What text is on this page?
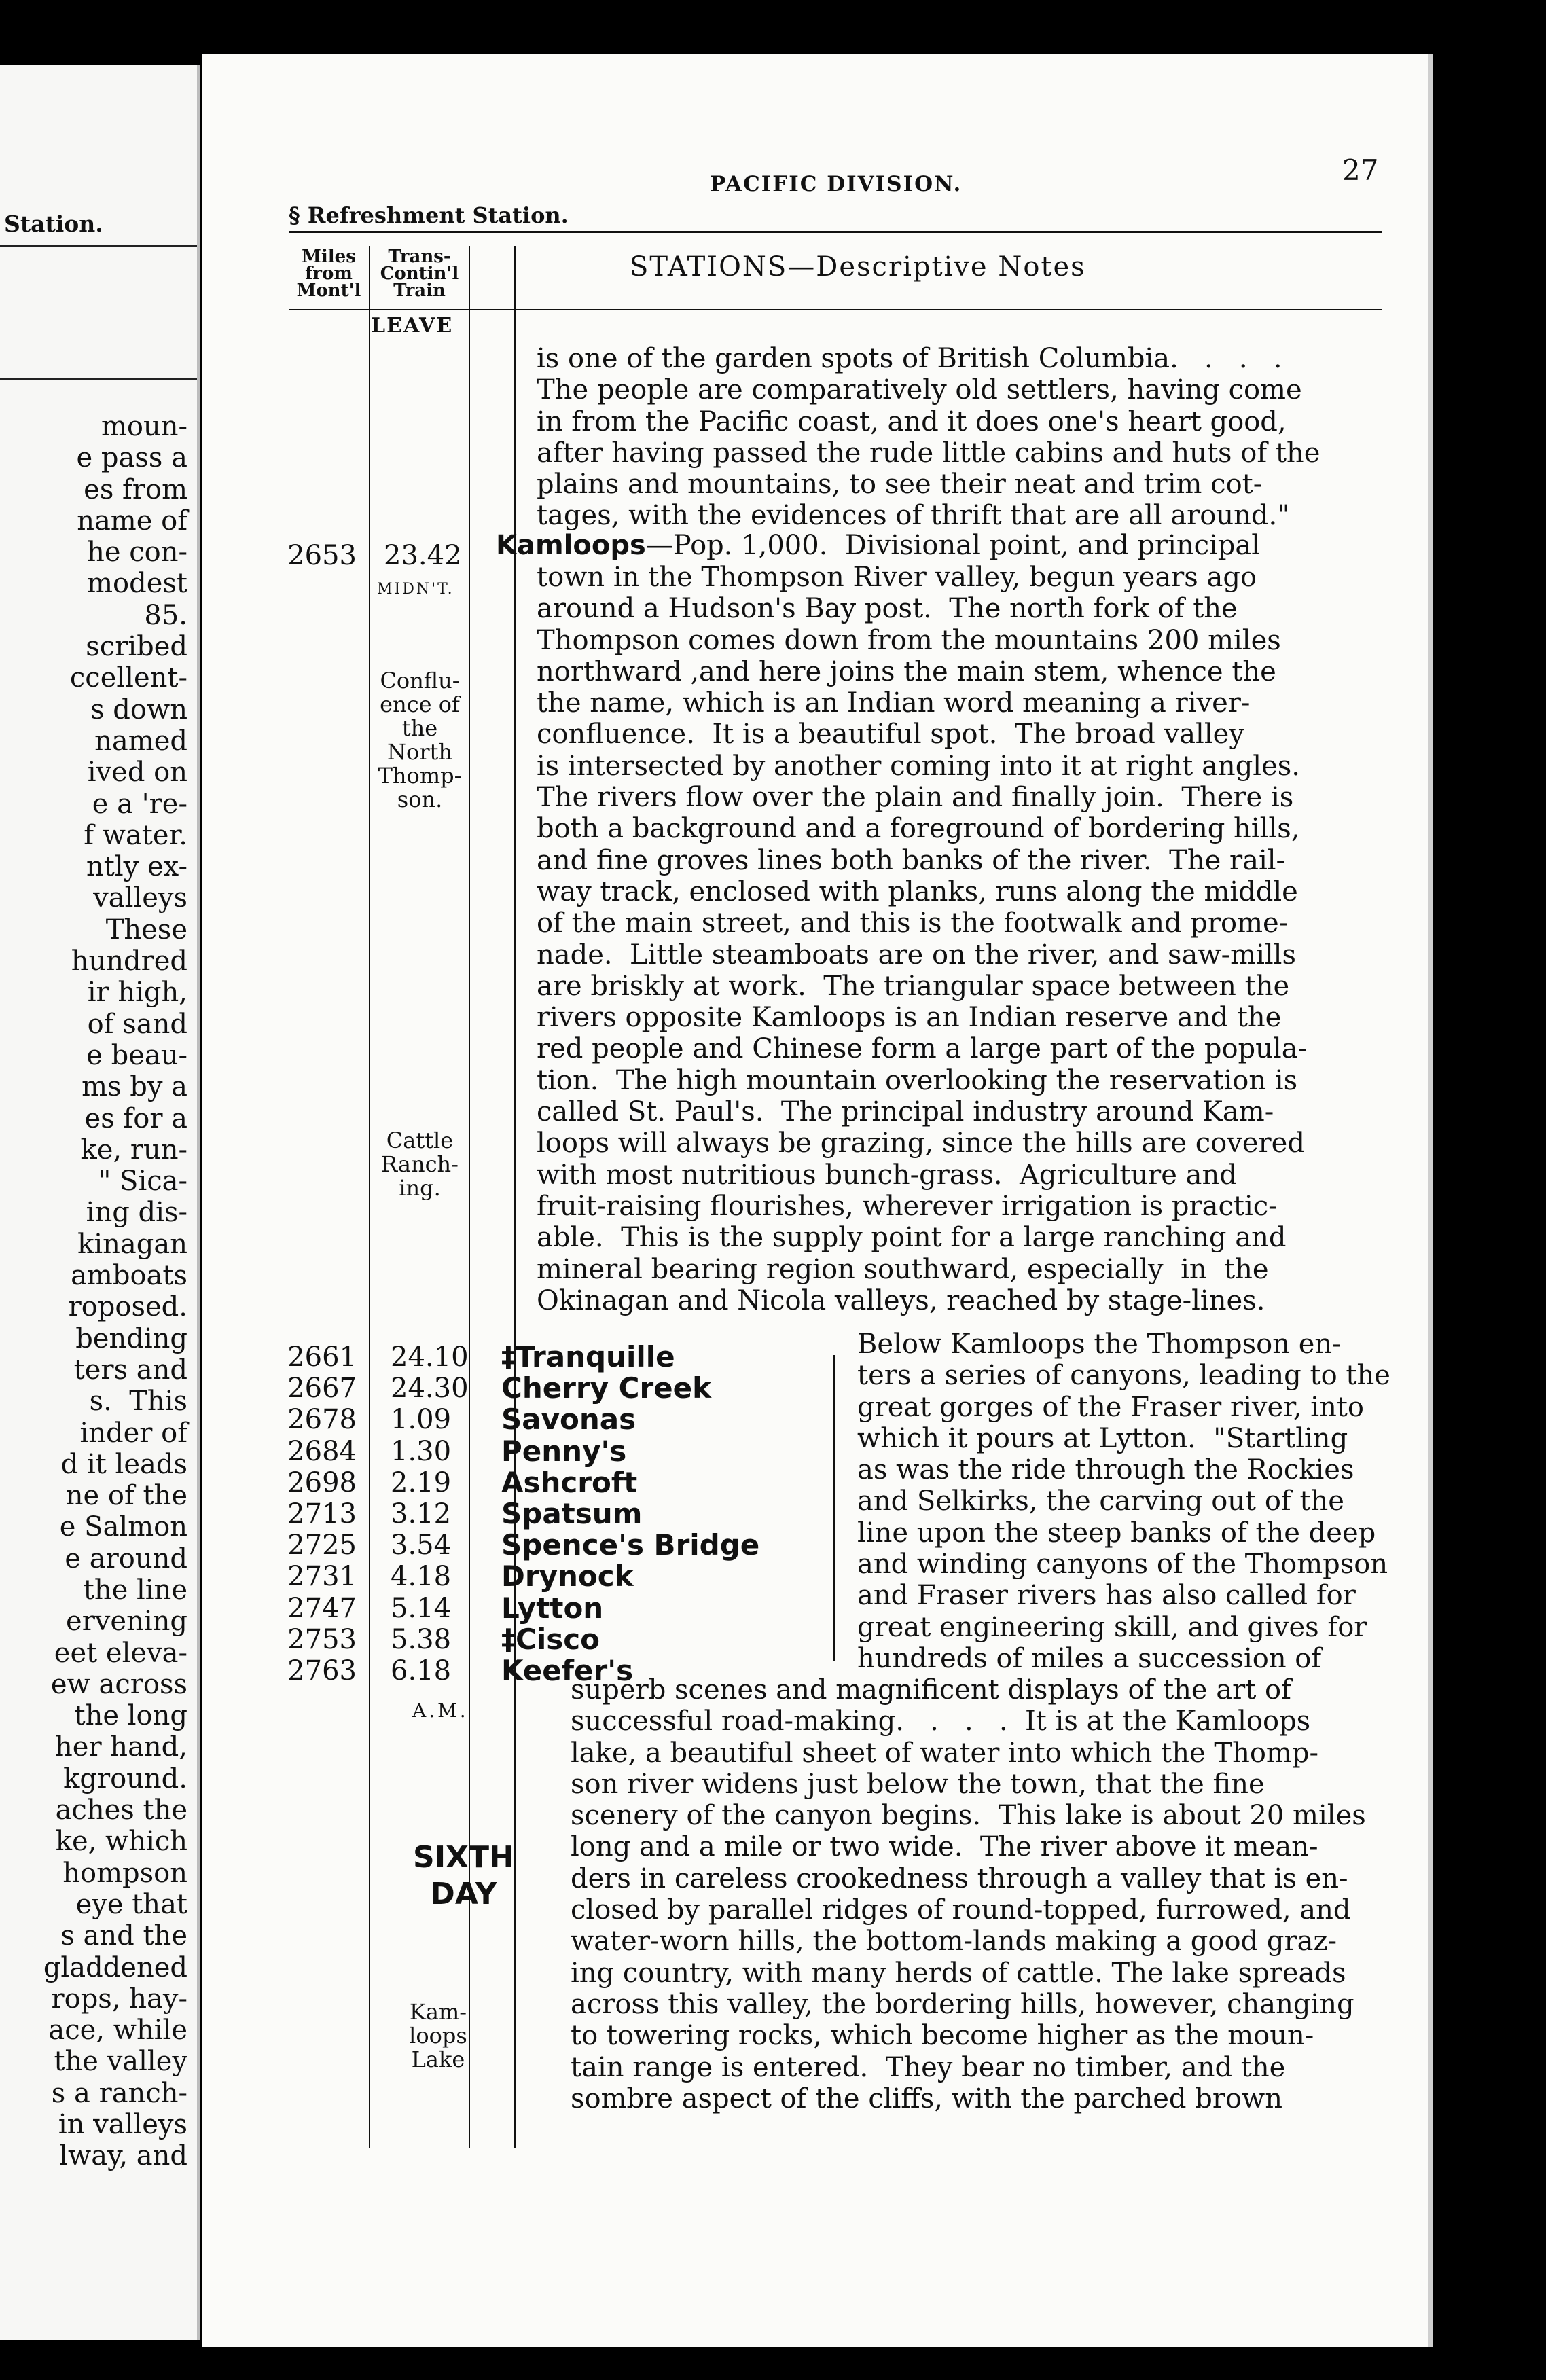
Station.
moun-
e pass a
es from
name of
he con-
modest
85.
scribed
ccellent-
s down
named
ived on
e a 're-
f water.
ntly ex-
valleys
These
hundred
ir high,
of sand
e beau-
ms by a
es for a
ke, run-
" Sica-
ing dis-
kinagan
amboats
roposed.
bending
ters and
s.  This
inder of
d it leads
ne of the
e Salmon
e around
the line
ervening
eet eleva-
ew across
the long
her hand,
kground.
aches the
ke, which
hompson
eye that
s and the
gladdened
rops, hay-
ace, while
the valley
s a ranch-
in valleys
lway, and
PACIFIC DIVISION.	27
§ Refreshment Station.
Miles from Mont'l
Trans- Contin'l Train
STATIONS—Descriptive Notes
LEAVE
is one of the garden spots of British Columbia.   .   .   .
The people are comparatively old settlers, having come
in from the Pacific coast, and it does one's heart good,
after having passed the rude little cabins and huts of the
plains and mountains, to see their neat and trim cot-
tages, with the evidences of thrift that are all around."
2653 23.42
MIDN'T.
Kamloops—Pop. 1,000.  Divisional point, and principal
town in the Thompson River valley, begun years ago
around a Hudson's Bay post.  The north fork of the
Thompson comes down from the mountains 200 miles
northward ,and here joins the main stem, whence the
the name, which is an Indian word meaning a river-
confluence.  It is a beautiful spot.  The broad valley
is intersected by another coming into it at right angles.
The rivers flow over the plain and finally join.  There is
both a background and a foreground of bordering hills,
and fine groves lines both banks of the river.  The rail-
way track, enclosed with planks, runs along the middle
of the main street, and this is the footwalk and prome-
nade.  Little steamboats are on the river, and saw-mills
are briskly at work.  The triangular space between the
rivers opposite Kamloops is an Indian reserve and the
red people and Chinese form a large part of the popula-
tion.  The high mountain overlooking the reservation is
called St. Paul's.  The principal industry around Kam-
loops will always be grazing, since the hills are covered
with most nutritious bunch-grass.  Agriculture and
fruit-raising flourishes, wherever irrigation is practic-
able.  This is the supply point for a large ranching and
mineral bearing region southward, especially  in  the
Okinagan and Nicola valleys, reached by stage-lines.
Conflu-
ence of
the
North
Thomp-
son.
Cattle
Ranch-
ing.
2661
2667
2678
2684
2698
2713
2725
2731
2747
2753
2763
24.10
24.30
1.09
1.30
2.19
3.12
3.54
4.18
5.14
5.38
6.18
‡Tranquille
Cherry Creek
Savonas
Penny's
Ashcroft
Spatsum
Spence's Bridge
Drynock
Lytton
‡Cisco
Keefer's
Below Kamloops the Thompson en-
ters a series of canyons, leading to the
great gorges of the Fraser river, into
which it pours at Lytton.  "Startling
as was the ride through the Rockies
and Selkirks, the carving out of the
line upon the steep banks of the deep
and winding canyons of the Thompson
and Fraser rivers has also called for
great engineering skill, and gives for
hundreds of miles a succession of
A.M.
superb scenes and magnificent displays of the art of
successful road-making.   .   .   .  It is at the Kamloops
lake, a beautiful sheet of water into which the Thomp-
son river widens just below the town, that the fine
scenery of the canyon begins.  This lake is about 20 miles
long and a mile or two wide.  The river above it mean-
ders in careless crookedness through a valley that is en-
closed by parallel ridges of round-topped, furrowed, and
water-worn hills, the bottom-lands making a good graz-
ing country, with many herds of cattle. The lake spreads
across this valley, the bordering hills, however, changing
to towering rocks, which become higher as the moun-
tain range is entered.  They bear no timber, and the
sombre aspect of the cliffs, with the parched brown
SIXTH
DAY
Kam-
loops
Lake
